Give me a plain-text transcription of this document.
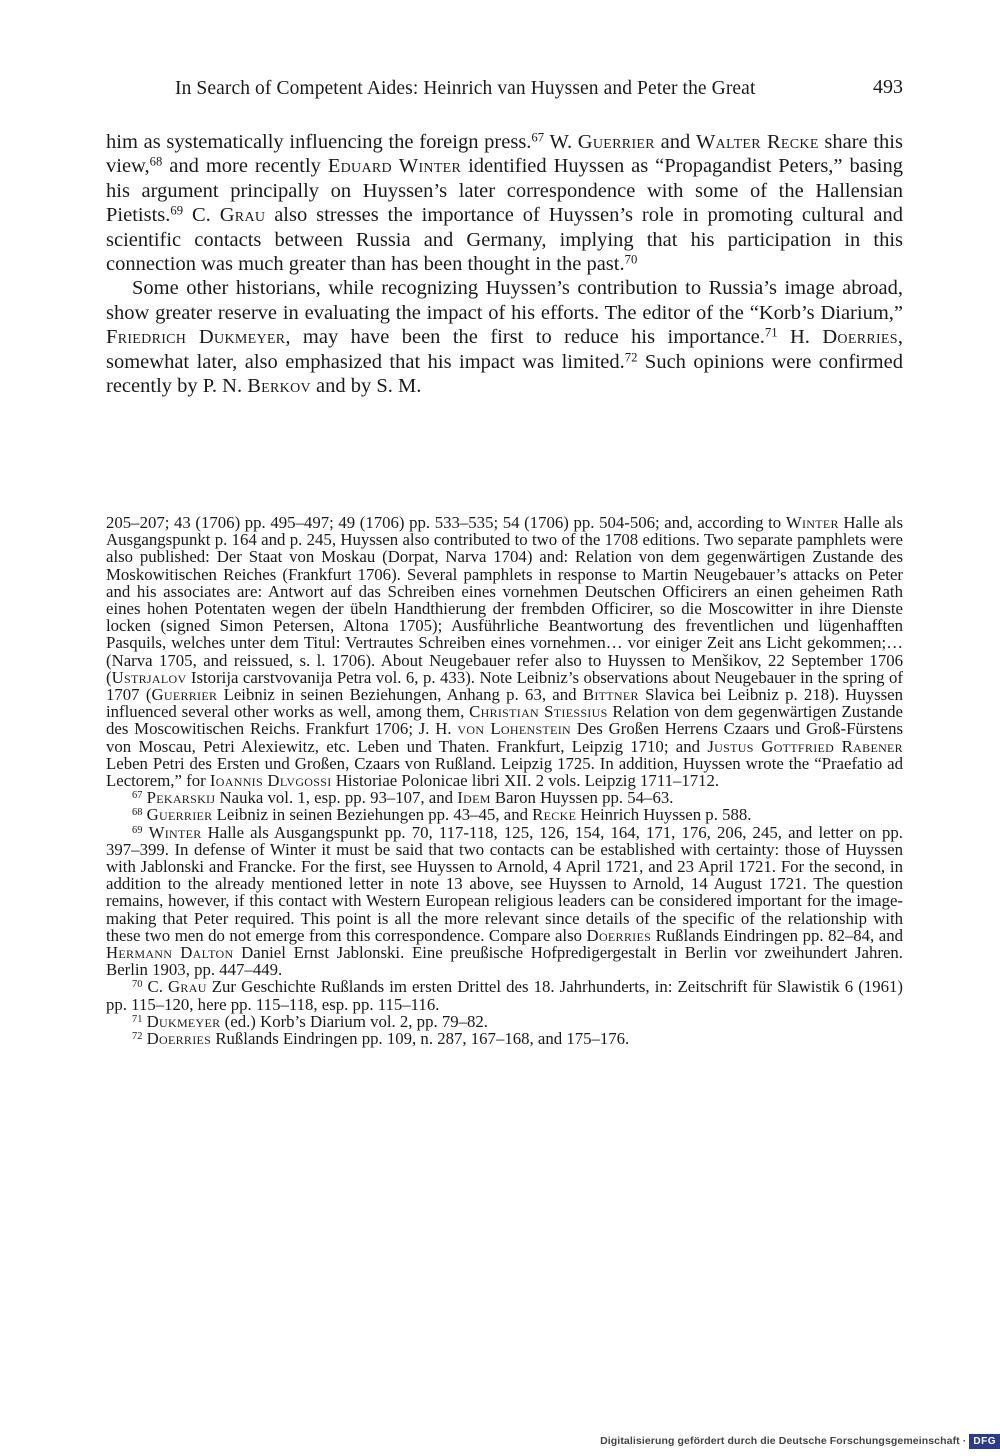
In Search of Competent Aides: Heinrich van Huyssen and Peter the Great	493

him as systematically influencing the foreign press.$^{67}$ W. Guerrier and Walter Recke share this view,$^{68}$ and more recently Eduard Winter identified Huyssen as “Propagandist Peters,” basing his argument principally on Huyssen’s later correspondence with some of the Hallensian Pietists.$^{69}$ C. Grau also stresses the importance of Huyssen’s role in promoting cultural and scientific contacts between Russia and Germany, implying that his participation in this connection was much greater than has been thought in the past.$^{70}$

Some other historians, while recognizing Huyssen’s contribution to Russia’s image abroad, show greater reserve in evaluating the impact of his efforts. The editor of the “Korb’s Diarium,” Friedrich Dukmeyer, may have been the first to reduce his importance.$^{71}$ H. Doerries, somewhat later, also emphasized that his impact was limited.$^{72}$ Such opinions were confirmed recently by P. N. Berkov and by S. M.

205–207; 43 (1706) pp. 495–497; 49 (1706) pp. 533–535; 54 (1706) pp. 504-506; and, according to Winter Halle als Ausgangspunkt p. 164 and p. 245, Huyssen also contributed to two of the 1708 editions. Two separate pamphlets were also published: Der Staat von Moskau (Dorpat, Narva 1704) and: Relation von dem gegenwärtigen Zustande des Moskowitischen Reiches (Frankfurt 1706). Several pamphlets in response to Martin Neugebauer’s attacks on Peter and his associates are: Antwort auf das Schreiben eines vornehmen Deutschen Officirers an einen geheimen Rath eines hohen Potentaten wegen der übeln Handthierung der frembden Officirer, so die Moscowitter in ihre Dienste locken (signed Simon Petersen, Altona 1705); Ausführliche Beantwortung des freventlichen und lügenhafften Pasquils, welches unter dem Titul: Vertrautes Schreiben eines vornehmen… vor einiger Zeit ans Licht gekommen;… (Narva 1705, and reissued, s. l. 1706). About Neugebauer refer also to Huyssen to Menšikov, 22 September 1706 (Ustrjalov Istorija carstvovanija Petra vol. 6, p. 433). Note Leibniz’s observations about Neugebauer in the spring of 1707 (Guerrier Leibniz in seinen Beziehungen, Anhang p. 63, and Bittner Slavica bei Leibniz p. 218). Huyssen influenced several other works as well, among them, Christian Stiessius Relation von dem gegenwärtigen Zustande des Moscowitischen Reichs. Frankfurt 1706; J. H. von Lohenstein Des Großen Herrens Czaars und Groß-Fürstens von Moscau, Petri Alexiewitz, etc. Leben und Thaten. Frankfurt, Leipzig 1710; and Justus Gottfried Rabener Leben Petri des Ersten und Großen, Czaars von Rußland. Leipzig 1725. In addition, Huyssen wrote the “Praefatio ad Lectorem,” for Ioannis Dlvgossi Historiae Polonicae libri XII. 2 vols. Leipzig 1711–1712.

$^{67}$ Pekarskij Nauka vol. 1, esp. pp. 93–107, and Idem Baron Huyssen pp. 54–63.

$^{68}$ Guerrier Leibniz in seinen Beziehungen pp. 43–45, and Recke Heinrich Huyssen p. 588.

$^{69}$ Winter Halle als Ausgangspunkt pp. 70, 117-118, 125, 126, 154, 164, 171, 176, 206, 245, and letter on pp. 397–399. In defense of Winter it must be said that two contacts can be established with certainty: those of Huyssen with Jablonski and Francke. For the first, see Huyssen to Arnold, 4 April 1721, and 23 April 1721. For the second, in addition to the already mentioned letter in note 13 above, see Huyssen to Arnold, 14 August 1721. The question remains, however, if this contact with Western European religious leaders can be considered important for the image-making that Peter required. This point is all the more relevant since details of the specific of the relationship with these two men do not emerge from this correspondence. Compare also Doerries Rußlands Eindringen pp. 82–84, and Hermann Dalton Daniel Ernst Jablonski. Eine preußische Hofpredigergestalt in Berlin vor zweihundert Jahren. Berlin 1903, pp. 447–449.

$^{70}$ C. Grau Zur Geschichte Rußlands im ersten Drittel des 18. Jahrhunderts, in: Zeitschrift für Slawistik 6 (1961) pp. 115–120, here pp. 115–118, esp. pp. 115–116.

$^{71}$ Dukmeyer (ed.) Korb’s Diarium vol. 2, pp. 79–82.

$^{72}$ Doerries Rußlands Eindringen pp. 109, n. 287, 167–168, and 175–176.

Digitalisierung gefördert durch die Deutsche Forschungsgemeinschaft · DFG
